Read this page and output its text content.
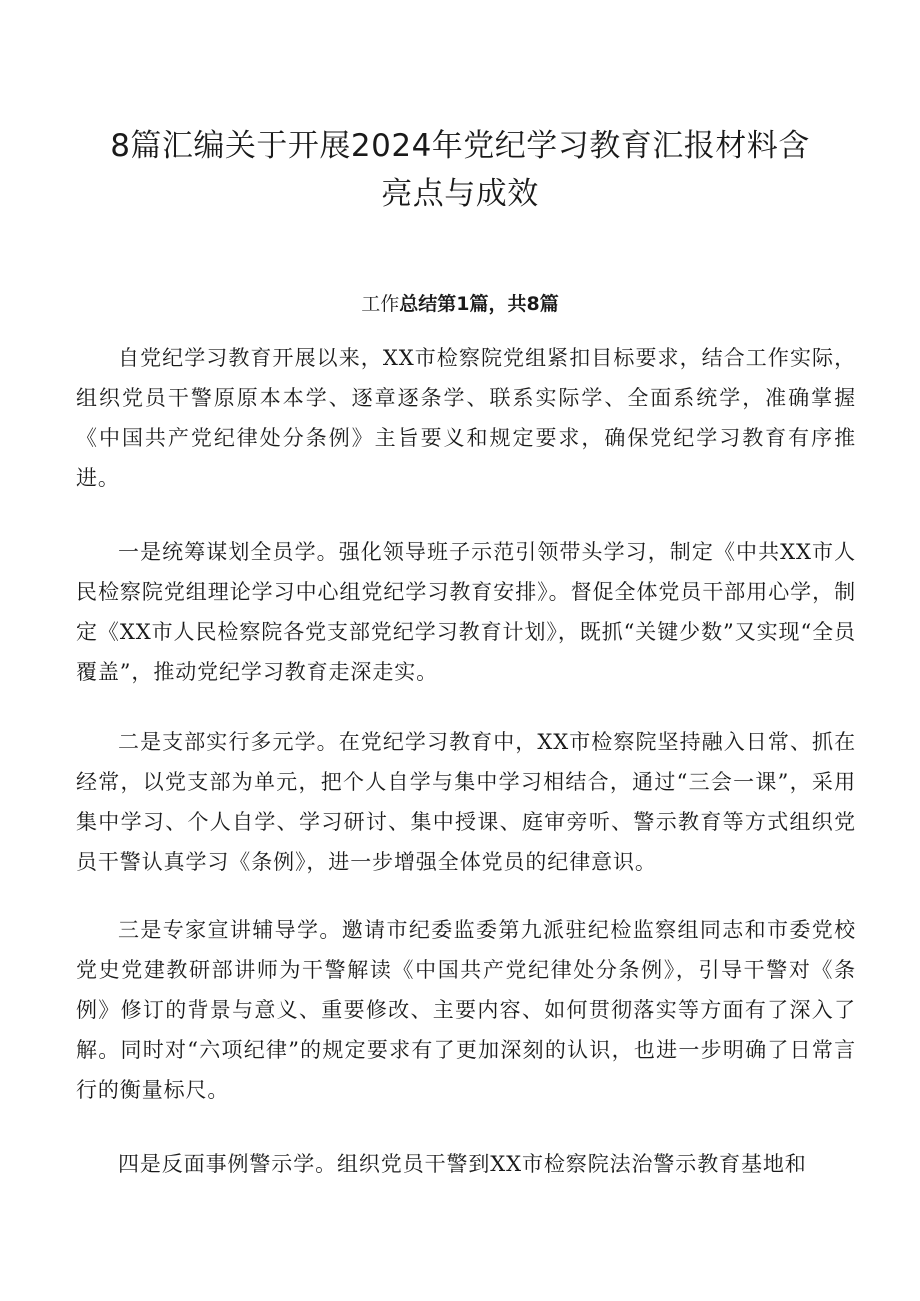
8篇汇编关于开展2024年党纪学习教育汇报材料含
亮点与成效
工作总结第1篇，共8篇

自党纪学习教育开展以来，XX市检察院党组紧扣目标要求，结合工作实际，组织党员干警原原本本学、逐章逐条学、联系实际学、全面系统学，准确掌握《中国共产党纪律处分条例》主旨要义和规定要求，确保党纪学习教育有序推进。

一是统筹谋划全员学。强化领导班子示范引领带头学习，制定《中共XX市人民检察院党组理论学习中心组党纪学习教育安排》。督促全体党员干部用心学，制定《XX市人民检察院各党支部党纪学习教育计划》，既抓“关键少数”又实现“全员覆盖”，推动党纪学习教育走深走实。

二是支部实行多元学。在党纪学习教育中，XX市检察院坚持融入日常、抓在经常，以党支部为单元，把个人自学与集中学习相结合，通过“三会一课”，采用集中学习、个人自学、学习研讨、集中授课、庭审旁听、警示教育等方式组织党员干警认真学习《条例》，进一步增强全体党员的纪律意识。

三是专家宣讲辅导学。邀请市纪委监委第九派驻纪检监察组同志和市委党校党史党建教研部讲师为干警解读《中国共产党纪律处分条例》，引导干警对《条例》修订的背景与意义、重要修改、主要内容、如何贯彻落实等方面有了深入了解。同时对“六项纪律”的规定要求有了更加深刻的认识，也进一步明确了日常言行的衡量标尺。

四是反面事例警示学。组织党员干警到XX市检察院法治警示教育基地和
